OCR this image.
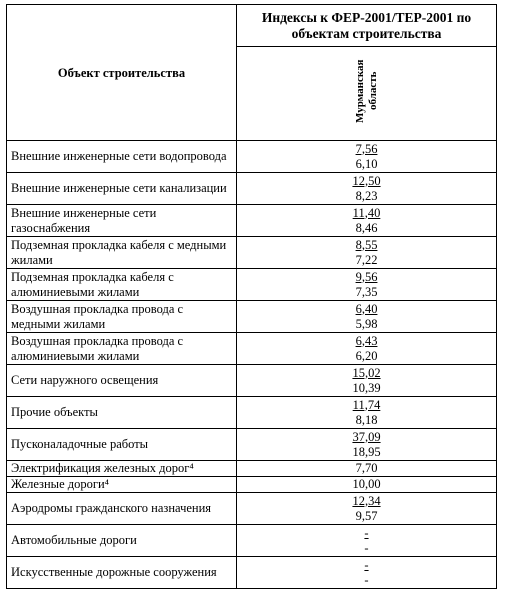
Объект строительства	Индексы к ФЕР-2001/ТЕР-2001 по объектам строительства
	Мурманская область
Внешние инженерные сети водопровода	7,56
6,10

Внешние инженерные сети канализации	12,50
8,23

Внешние инженерные сети газоснабжения	11,40
8,46

Подземная прокладка кабеля с медными жилами	8,55
7,22

Подземная прокладка кабеля с алюминиевыми жилами	9,56
7,35

Воздушная прокладка провода с медными жилами	6,40
5,98

Воздушная прокладка провода с алюминиевыми жилами	6,43
6,20

Сети наружного освещения	15,02
10,39

Прочие объекты	11,74
8,18

Пусконаладочные работы	37,09
18,95

Электрификация железных дорог⁴	7,70
Железные дороги⁴	10,00
Аэродромы гражданского назначения	12,34
9,57

Автомобильные дороги	-
-

Искусственные дорожные сооружения	-
-
